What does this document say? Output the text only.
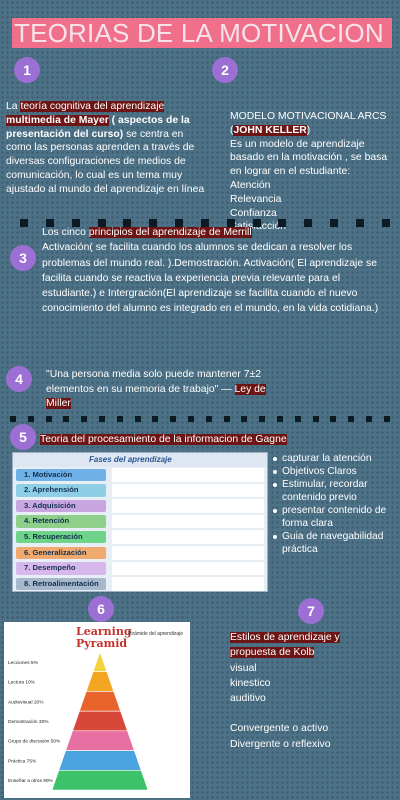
TEORIAS DE LA MOTIVACION
1	2
3
4
5
6	7
La teoría cognitiva del aprendizaje
multimedia de Mayer ( aspectos de la presentación del curso) se centra en como las personas aprenden a través de diversas configuraciones de medios de comunicación, lo cual es un tema muy ajustado al mundo del aprendizaje en línea
MODELO MOTIVACIONAL ARCS
(JOHN KELLER)
Es un modelo de aprendizaje basado en la motivación , se basa en lograr en el estudiante:
Atención
Relevancia
Confianza
Los cinco principios del aprendizaje de Merrill
Activación( se facilita cuando los alumnos se dedican a resolver los problemas del mundo real. ).Demostración. Activación( El aprendizaje se facilita cuando se reactiva la experiencia previa relevante para el estudiante.) e Intergración(El aprendizaje se facilita cuando el nuevo conocimiento del alumno es integrado en el mundo, en la vida cotidiana.)
"Una persona media solo puede mantener 7±2 elementos en su memoria de trabajo" — Ley de
Miller
Teoria del procesamiento de la informacion de Gagne
Fases del aprendizaje
1. Motivación
2. Aprehensión
3. Adquisición
4. Retención
5. Recuperación
6. Generalización
7. Desempeño
8. Retroalimentación
capturar la atención
Objetivos Claros
Estimular, recordar contenido previo
presentar contenido de forma clara
Guia de navegabilidad práctica
Learning
Pyramid
Pirámide del aprendizaje
Lecciones 5%
Lectura 10%
Audiovisual 20%
Demostración 30%
Grupo de discusión 50%
Práctica 75%
Enseñar a otros 90%
Estilos de aprendizaje y
propuesta de Kolb
visual
kinestico
auditivo
Convergente o activo
Divergente o reflexivo
